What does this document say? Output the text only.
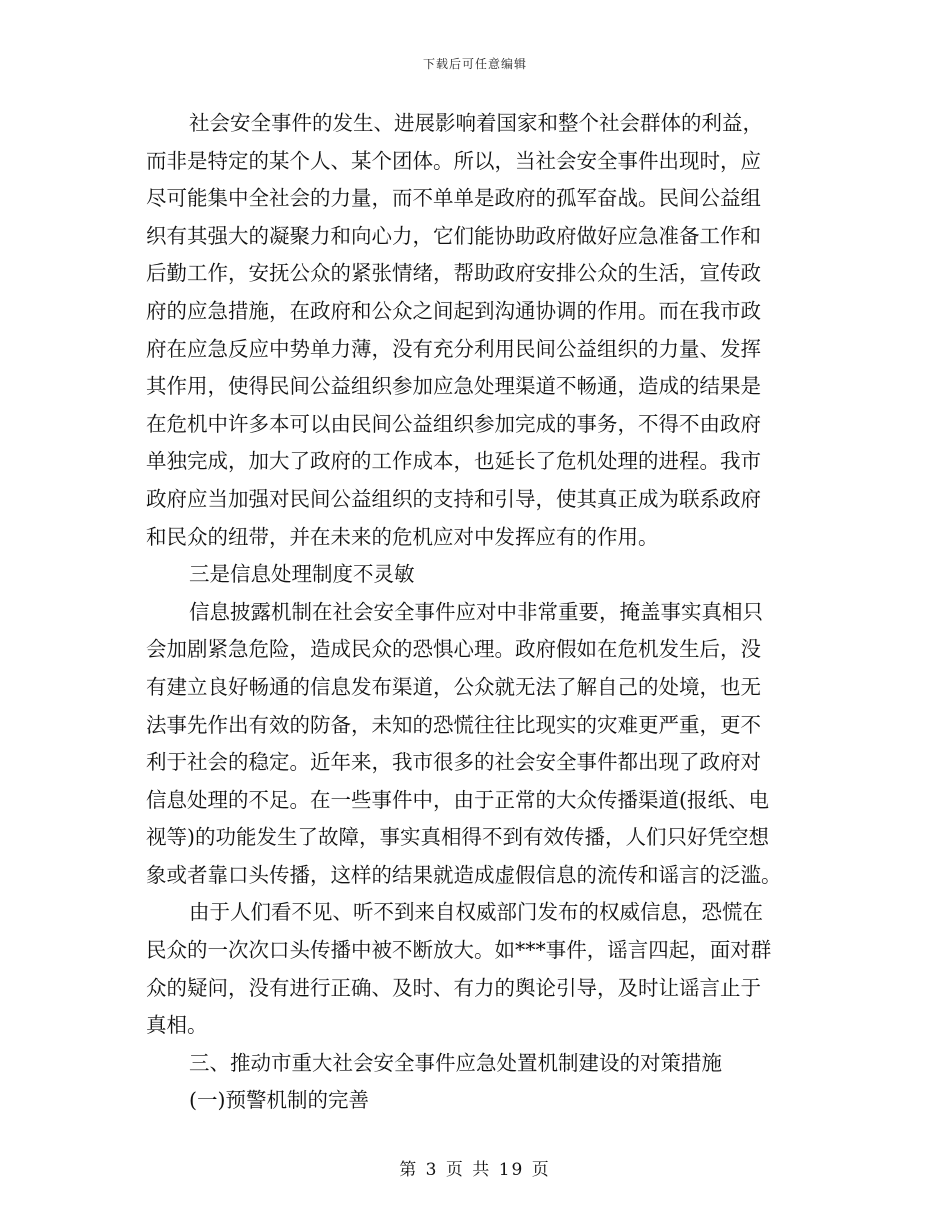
下载后可任意编辑
社会安全事件的发生、进展影响着国家和整个社会群体的利益，
而非是特定的某个人、某个团体。所以，当社会安全事件出现时，应
尽可能集中全社会的力量，而不单单是政府的孤军奋战。民间公益组
织有其强大的凝聚力和向心力，它们能协助政府做好应急准备工作和
后勤工作，安抚公众的紧张情绪，帮助政府安排公众的生活，宣传政
府的应急措施，在政府和公众之间起到沟通协调的作用。而在我市政
府在应急反应中势单力薄，没有充分利用民间公益组织的力量、发挥
其作用，使得民间公益组织参加应急处理渠道不畅通，造成的结果是
在危机中许多本可以由民间公益组织参加完成的事务，不得不由政府
单独完成，加大了政府的工作成本，也延长了危机处理的进程。我市
政府应当加强对民间公益组织的支持和引导，使其真正成为联系政府
和民众的纽带，并在未来的危机应对中发挥应有的作用。
三是信息处理制度不灵敏
信息披露机制在社会安全事件应对中非常重要，掩盖事实真相只
会加剧紧急危险，造成民众的恐惧心理。政府假如在危机发生后，没
有建立良好畅通的信息发布渠道，公众就无法了解自己的处境，也无
法事先作出有效的防备，未知的恐慌往往比现实的灾难更严重，更不
利于社会的稳定。近年来，我市很多的社会安全事件都出现了政府对
信息处理的不足。在一些事件中，由于正常的大众传播渠道(报纸、电
视等)的功能发生了故障，事实真相得不到有效传播，人们只好凭空想
象或者靠口头传播，这样的结果就造成虚假信息的流传和谣言的泛滥。
由于人们看不见、听不到来自权威部门发布的权威信息，恐慌在
民众的一次次口头传播中被不断放大。如***事件，谣言四起，面对群
众的疑问，没有进行正确、及时、有力的舆论引导，及时让谣言止于
真相。
三、推动市重大社会安全事件应急处置机制建设的对策措施
(一)预警机制的完善
第 3 页 共 19 页
